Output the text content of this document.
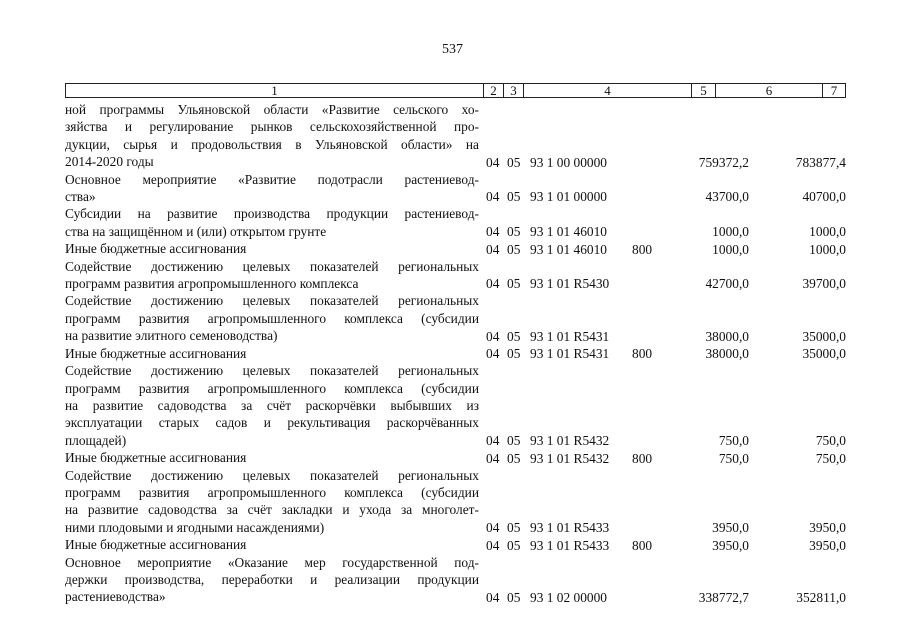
537
1	2	3	4	5	6	7
ной программы Ульяновской области «Развитие сельского хо-
зяйства и регулирование рынков сельскохозяйственной про-
дукции, сырья и продовольствия в Ульяновской области» на
2014-2020 годы	04 05 93 1 00 00000	759372,2	783877,4
Основное мероприятие «Развитие подотрасли растениевод-
ства»	04 05 93 1 01 00000	43700,0	40700,0
Субсидии на развитие производства продукции растениевод-
ства на защищённом и (или) открытом грунте	04 05 93 1 01 46010	1000,0	1000,0
Иные бюджетные ассигнования	04 05 93 1 01 46010 800	1000,0	1000,0
Содействие достижению целевых показателей региональных
программ развития агропромышленного комплекса	04 05 93 1 01 R5430	42700,0	39700,0
Содействие достижению целевых показателей региональных
программ развития агропромышленного комплекса (субсидии
на развитие элитного семеноводства)	04 05 93 1 01 R5431	38000,0	35000,0
Иные бюджетные ассигнования	04 05 93 1 01 R5431 800	38000,0	35000,0
Содействие достижению целевых показателей региональных
программ развития агропромышленного комплекса (субсидии
на развитие садоводства за счёт раскорчёвки выбывших из
эксплуатации старых садов и рекультивация раскорчёванных
площадей)	04 05 93 1 01 R5432	750,0	750,0
Иные бюджетные ассигнования	04 05 93 1 01 R5432 800	750,0	750,0
Содействие достижению целевых показателей региональных
программ развития агропромышленного комплекса (субсидии
на развитие садоводства за счёт закладки и ухода за многолет-
ними плодовыми и ягодными насаждениями)	04 05 93 1 01 R5433	3950,0	3950,0
Иные бюджетные ассигнования	04 05 93 1 01 R5433 800	3950,0	3950,0
Основное мероприятие «Оказание мер государственной под-
держки производства, переработки и реализации продукции
растениеводства»	04 05 93 1 02 00000	338772,7	352811,0
